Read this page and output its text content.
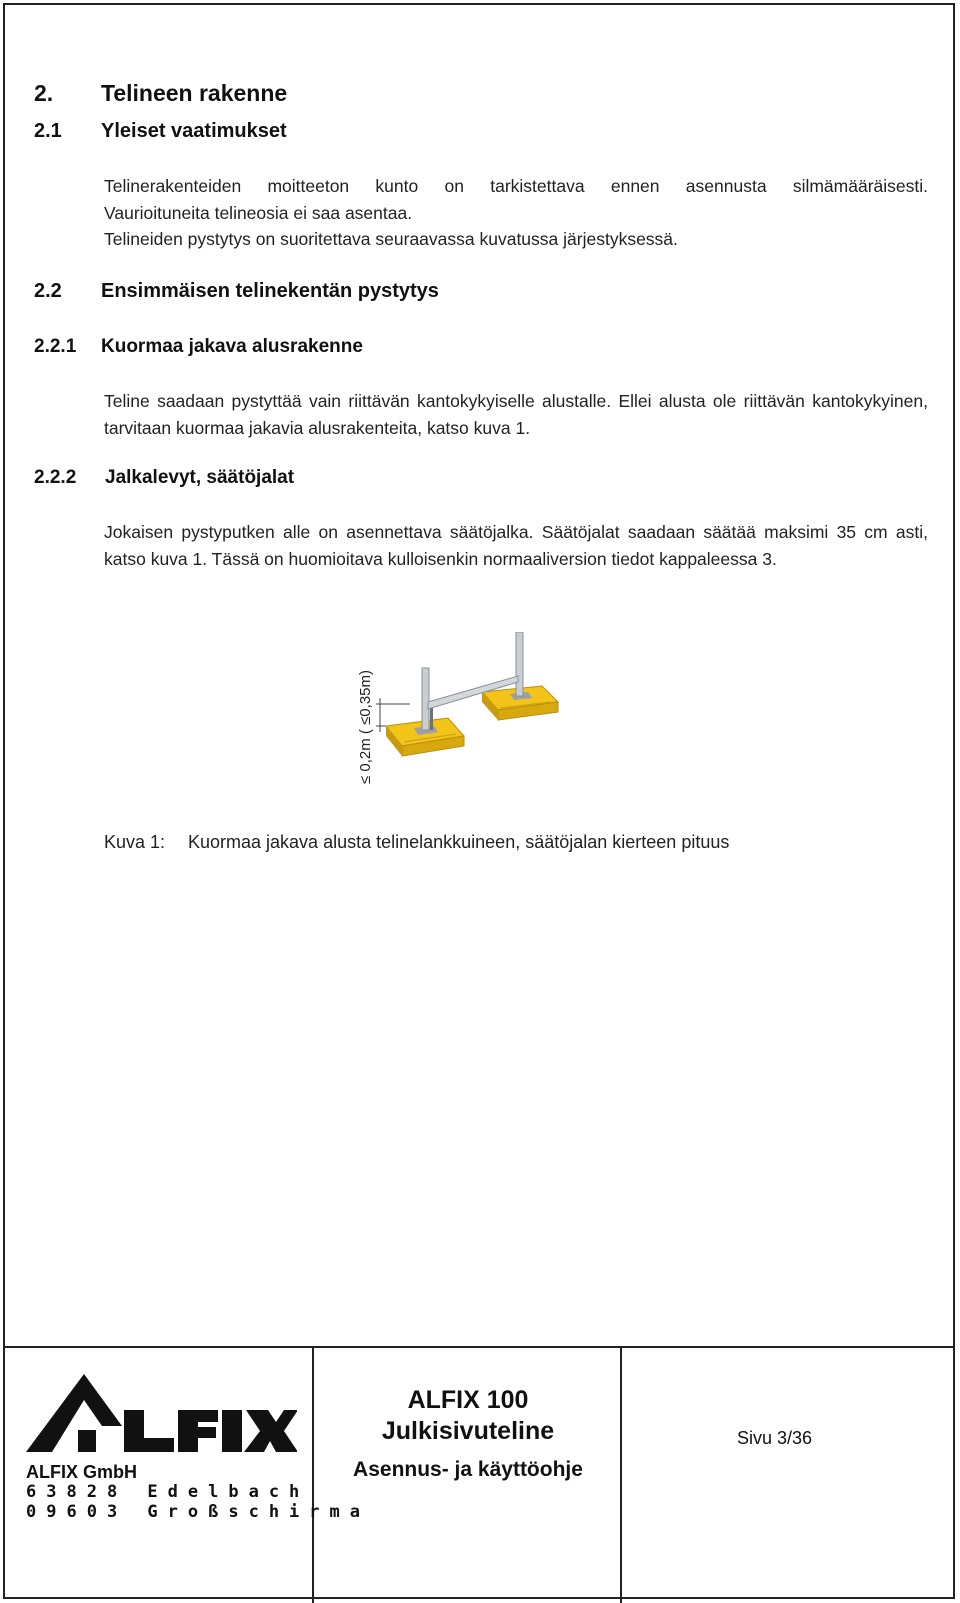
2. Telineen rakenne
2.1 Yleiset vaatimukset

Telinerakenteiden moitteeton kunto on tarkistettava ennen asennusta silmämääräisesti.

Vaurioituneita telineosia ei saa asentaa.

Telineiden pystytys on suoritettava seuraavassa kuvatussa järjestyksessä.

2.2 Ensimmäisen telinekentän pystytys
2.2.1 Kuormaa jakava alusrakenne

Teline saadaan pystyttää vain riittävän kantokykyiselle alustalle. Ellei alusta ole riittävän kantokykyinen, tarvitaan kuormaa jakavia alusrakenteita, katso kuva 1.

2.2.2 Jalkalevyt, säätöjalat

Jokaisen pystyputken alle on asennettava säätöjalka. Säätöjalat saadaan säätää maksimi 35 cm asti, katso kuva 1. Tässä on huomioitava kulloisenkin normaaliversion tiedot kappaleessa 3.

≤ 0,2m ( ≤0,35m)
Kuva 1: Kuormaa jakava alusta telinelankkuineen, säätöjalan kierteen pituus
ALFIX GmbH
63828 Edelbach
09603 Großschirma
ALFIX 100
Julkisivuteline
Asennus- ja käyttöohje
Sivu 3/36
